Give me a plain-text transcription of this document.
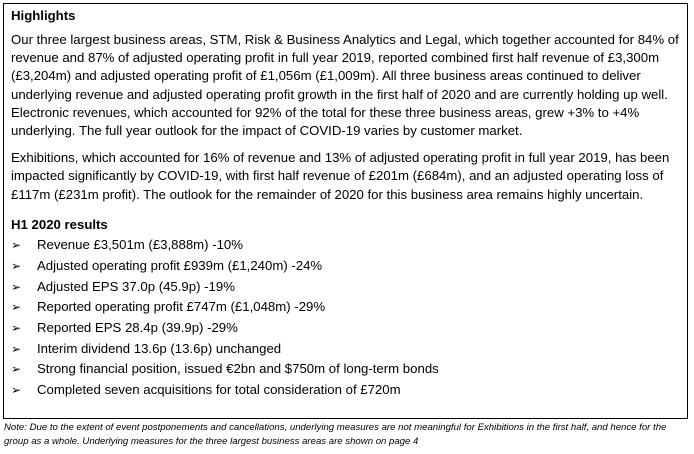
Highlights

Our three largest business areas, STM, Risk & Business Analytics and Legal, which together accounted for 84% of revenue and 87% of adjusted operating profit in full year 2019, reported combined first half revenue of £3,300m (£3,204m) and adjusted operating profit of £1,056m (£1,009m). All three business areas continued to deliver underlying revenue and adjusted operating profit growth in the first half of 2020 and are currently holding up well. Electronic revenues, which accounted for 92% of the total for these three business areas, grew +3% to +4% underlying. The full year outlook for the impact of COVID-19 varies by customer market.

Exhibitions, which accounted for 16% of revenue and 13% of adjusted operating profit in full year 2019, has been impacted significantly by COVID-19, with first half revenue of £201m (£684m), and an adjusted operating loss of £117m (£231m profit). The outlook for the remainder of 2020 for this business area remains highly uncertain.

H1 2020 results
➢	Revenue £3,501m (£3,888m) -10%
➢	Adjusted operating profit £939m (£1,240m) -24%
➢	Adjusted EPS 37.0p (45.9p) -19%
➢	Reported operating profit £747m (£1,048m) -29%
➢	Reported EPS 28.4p (39.9p) -29%
➢	Interim dividend 13.6p (13.6p) unchanged
➢	Strong financial position, issued €2bn and $750m of long-term bonds
➢	Completed seven acquisitions for total consideration of £720m
Note: Due to the extent of event postponements and cancellations, underlying measures are not meaningful for Exhibitions in the first half, and hence for the group as a whole. Underlying measures for the three largest business areas are shown on page 4
